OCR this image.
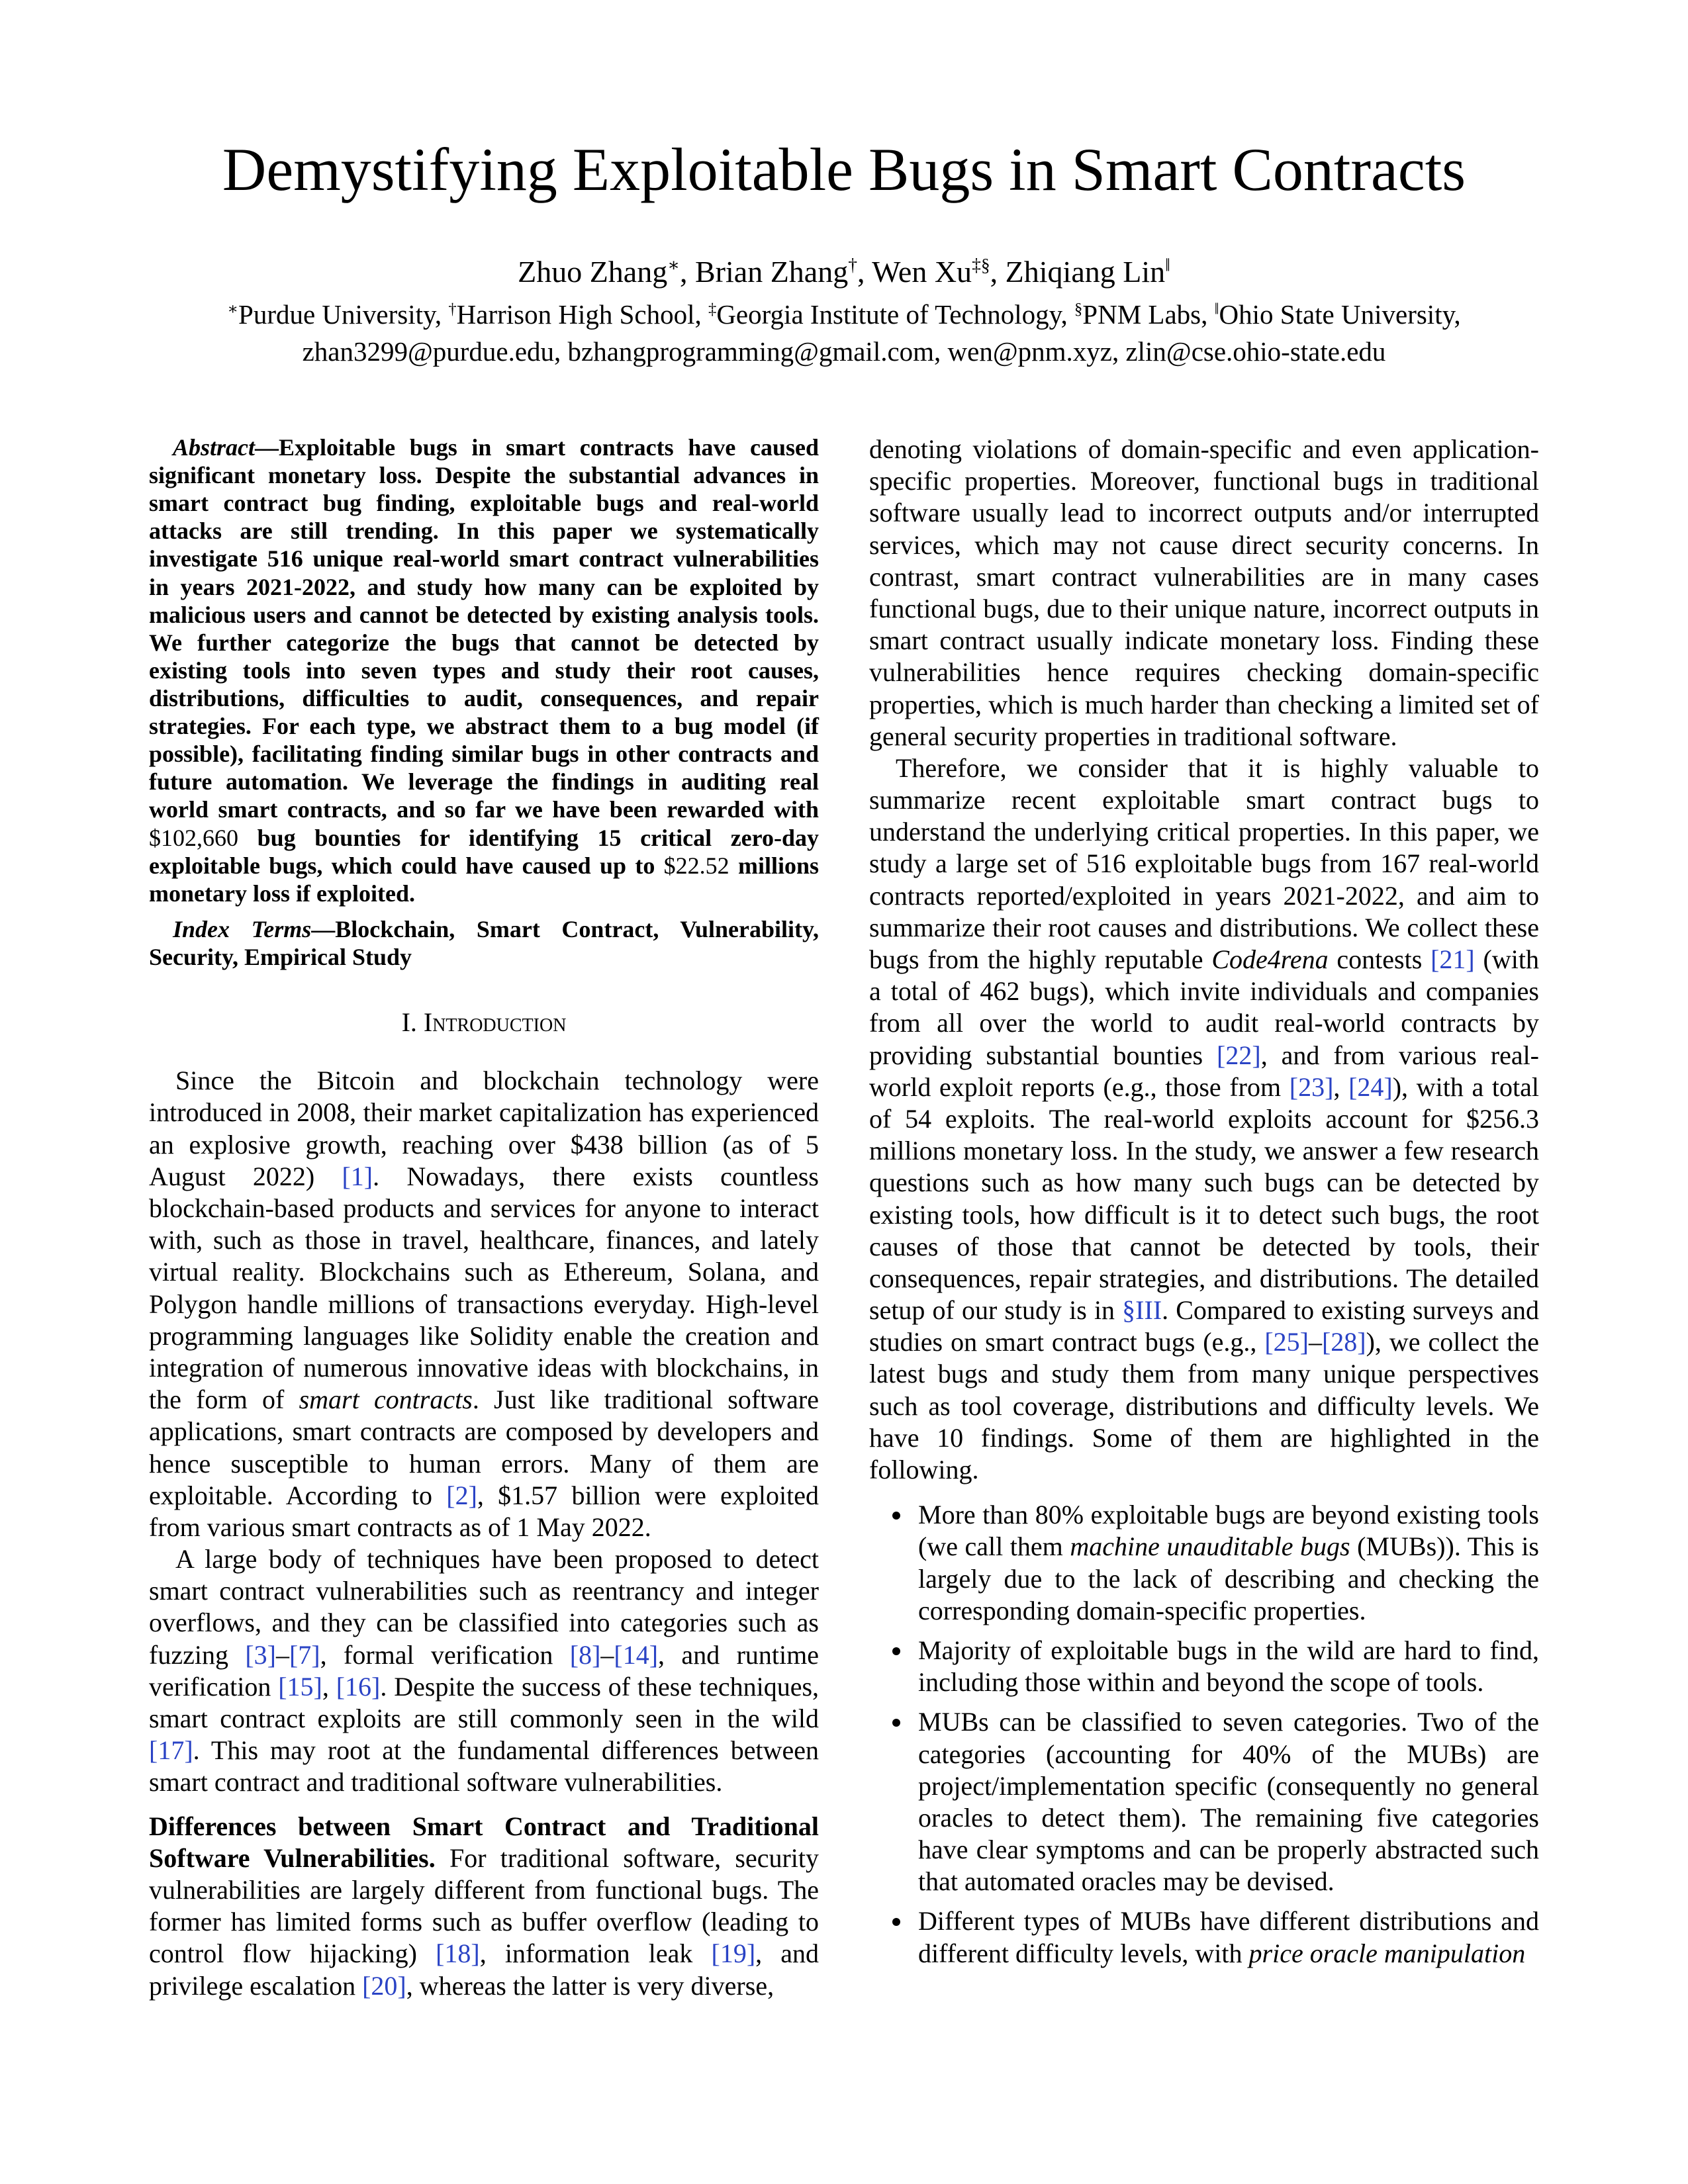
Demystifying Exploitable Bugs in Smart Contracts
Zhuo Zhang∗, Brian Zhang†, Wen Xu‡§, Zhiqiang Lin‖
∗Purdue University, †Harrison High School, ‡Georgia Institute of Technology, §PNM Labs, ‖Ohio State University,
zhan3299@purdue.edu, bzhangprogramming@gmail.com, wen@pnm.xyz, zlin@cse.ohio-state.edu
Abstract—Exploitable bugs in smart contracts have caused significant monetary loss. Despite the substantial advances in smart contract bug finding, exploitable bugs and real-world attacks are still trending. In this paper we systematically investigate 516 unique real-world smart contract vulnerabilities in years 2021-2022, and study how many can be exploited by malicious users and cannot be detected by existing analysis tools. We further categorize the bugs that cannot be detected by existing tools into seven types and study their root causes, distributions, difficulties to audit, consequences, and repair strategies. For each type, we abstract them to a bug model (if possible), facilitating finding similar bugs in other contracts and future automation. We leverage the findings in auditing real world smart contracts, and so far we have been rewarded with $102,660 bug bounties for identifying 15 critical zero-day exploitable bugs, which could have caused up to $22.52 millions monetary loss if exploited.
Index Terms—Blockchain, Smart Contract, Vulnerability, Security, Empirical Study
I. Introduction
Since the Bitcoin and blockchain technology were introduced in 2008, their market capitalization has experienced an explosive growth, reaching over $438 billion (as of 5 August 2022) [1]. Nowadays, there exists countless blockchain-based products and services for anyone to interact with, such as those in travel, healthcare, finances, and lately virtual reality. Blockchains such as Ethereum, Solana, and Polygon handle millions of transactions everyday. High-level programming languages like Solidity enable the creation and integration of numerous innovative ideas with blockchains, in the form of smart contracts. Just like traditional software applications, smart contracts are composed by developers and hence susceptible to human errors. Many of them are exploitable. According to [2], $1.57 billion were exploited from various smart contracts as of 1 May 2022.
A large body of techniques have been proposed to detect smart contract vulnerabilities such as reentrancy and integer overflows, and they can be classified into categories such as fuzzing [3]–[7], formal verification [8]–[14], and runtime verification [15], [16]. Despite the success of these techniques, smart contract exploits are still commonly seen in the wild [17]. This may root at the fundamental differences between smart contract and traditional software vulnerabilities.
Differences between Smart Contract and Traditional Software Vulnerabilities. For traditional software, security vulnerabilities are largely different from functional bugs. The former has limited forms such as buffer overflow (leading to control flow hijacking) [18], information leak [19], and privilege escalation [20], whereas the latter is very diverse,
denoting violations of domain-specific and even application-specific properties. Moreover, functional bugs in traditional software usually lead to incorrect outputs and/or interrupted services, which may not cause direct security concerns. In contrast, smart contract vulnerabilities are in many cases functional bugs, due to their unique nature, incorrect outputs in smart contract usually indicate monetary loss. Finding these vulnerabilities hence requires checking domain-specific properties, which is much harder than checking a limited set of general security properties in traditional software.
Therefore, we consider that it is highly valuable to summarize recent exploitable smart contract bugs to understand the underlying critical properties. In this paper, we study a large set of 516 exploitable bugs from 167 real-world contracts reported/exploited in years 2021-2022, and aim to summarize their root causes and distributions. We collect these bugs from the highly reputable Code4rena contests [21] (with a total of 462 bugs), which invite individuals and companies from all over the world to audit real-world contracts by providing substantial bounties [22], and from various real-world exploit reports (e.g., those from [23], [24]), with a total of 54 exploits. The real-world exploits account for $256.3 millions monetary loss. In the study, we answer a few research questions such as how many such bugs can be detected by existing tools, how difficult is it to detect such bugs, the root causes of those that cannot be detected by tools, their consequences, repair strategies, and distributions. The detailed setup of our study is in §III. Compared to existing surveys and studies on smart contract bugs (e.g., [25]–[28]), we collect the latest bugs and study them from many unique perspectives such as tool coverage, distributions and difficulty levels. We have 10 findings. Some of them are highlighted in the following.
• More than 80% exploitable bugs are beyond existing tools (we call them machine unauditable bugs (MUBs)). This is largely due to the lack of describing and checking the corresponding domain-specific properties.
• Majority of exploitable bugs in the wild are hard to find, including those within and beyond the scope of tools.
• MUBs can be classified to seven categories. Two of the categories (accounting for 40% of the MUBs) are project/implementation specific (consequently no general oracles to detect them). The remaining five categories have clear symptoms and can be properly abstracted such that automated oracles may be devised.
• Different types of MUBs have different distributions and different difficulty levels, with price oracle manipulation
